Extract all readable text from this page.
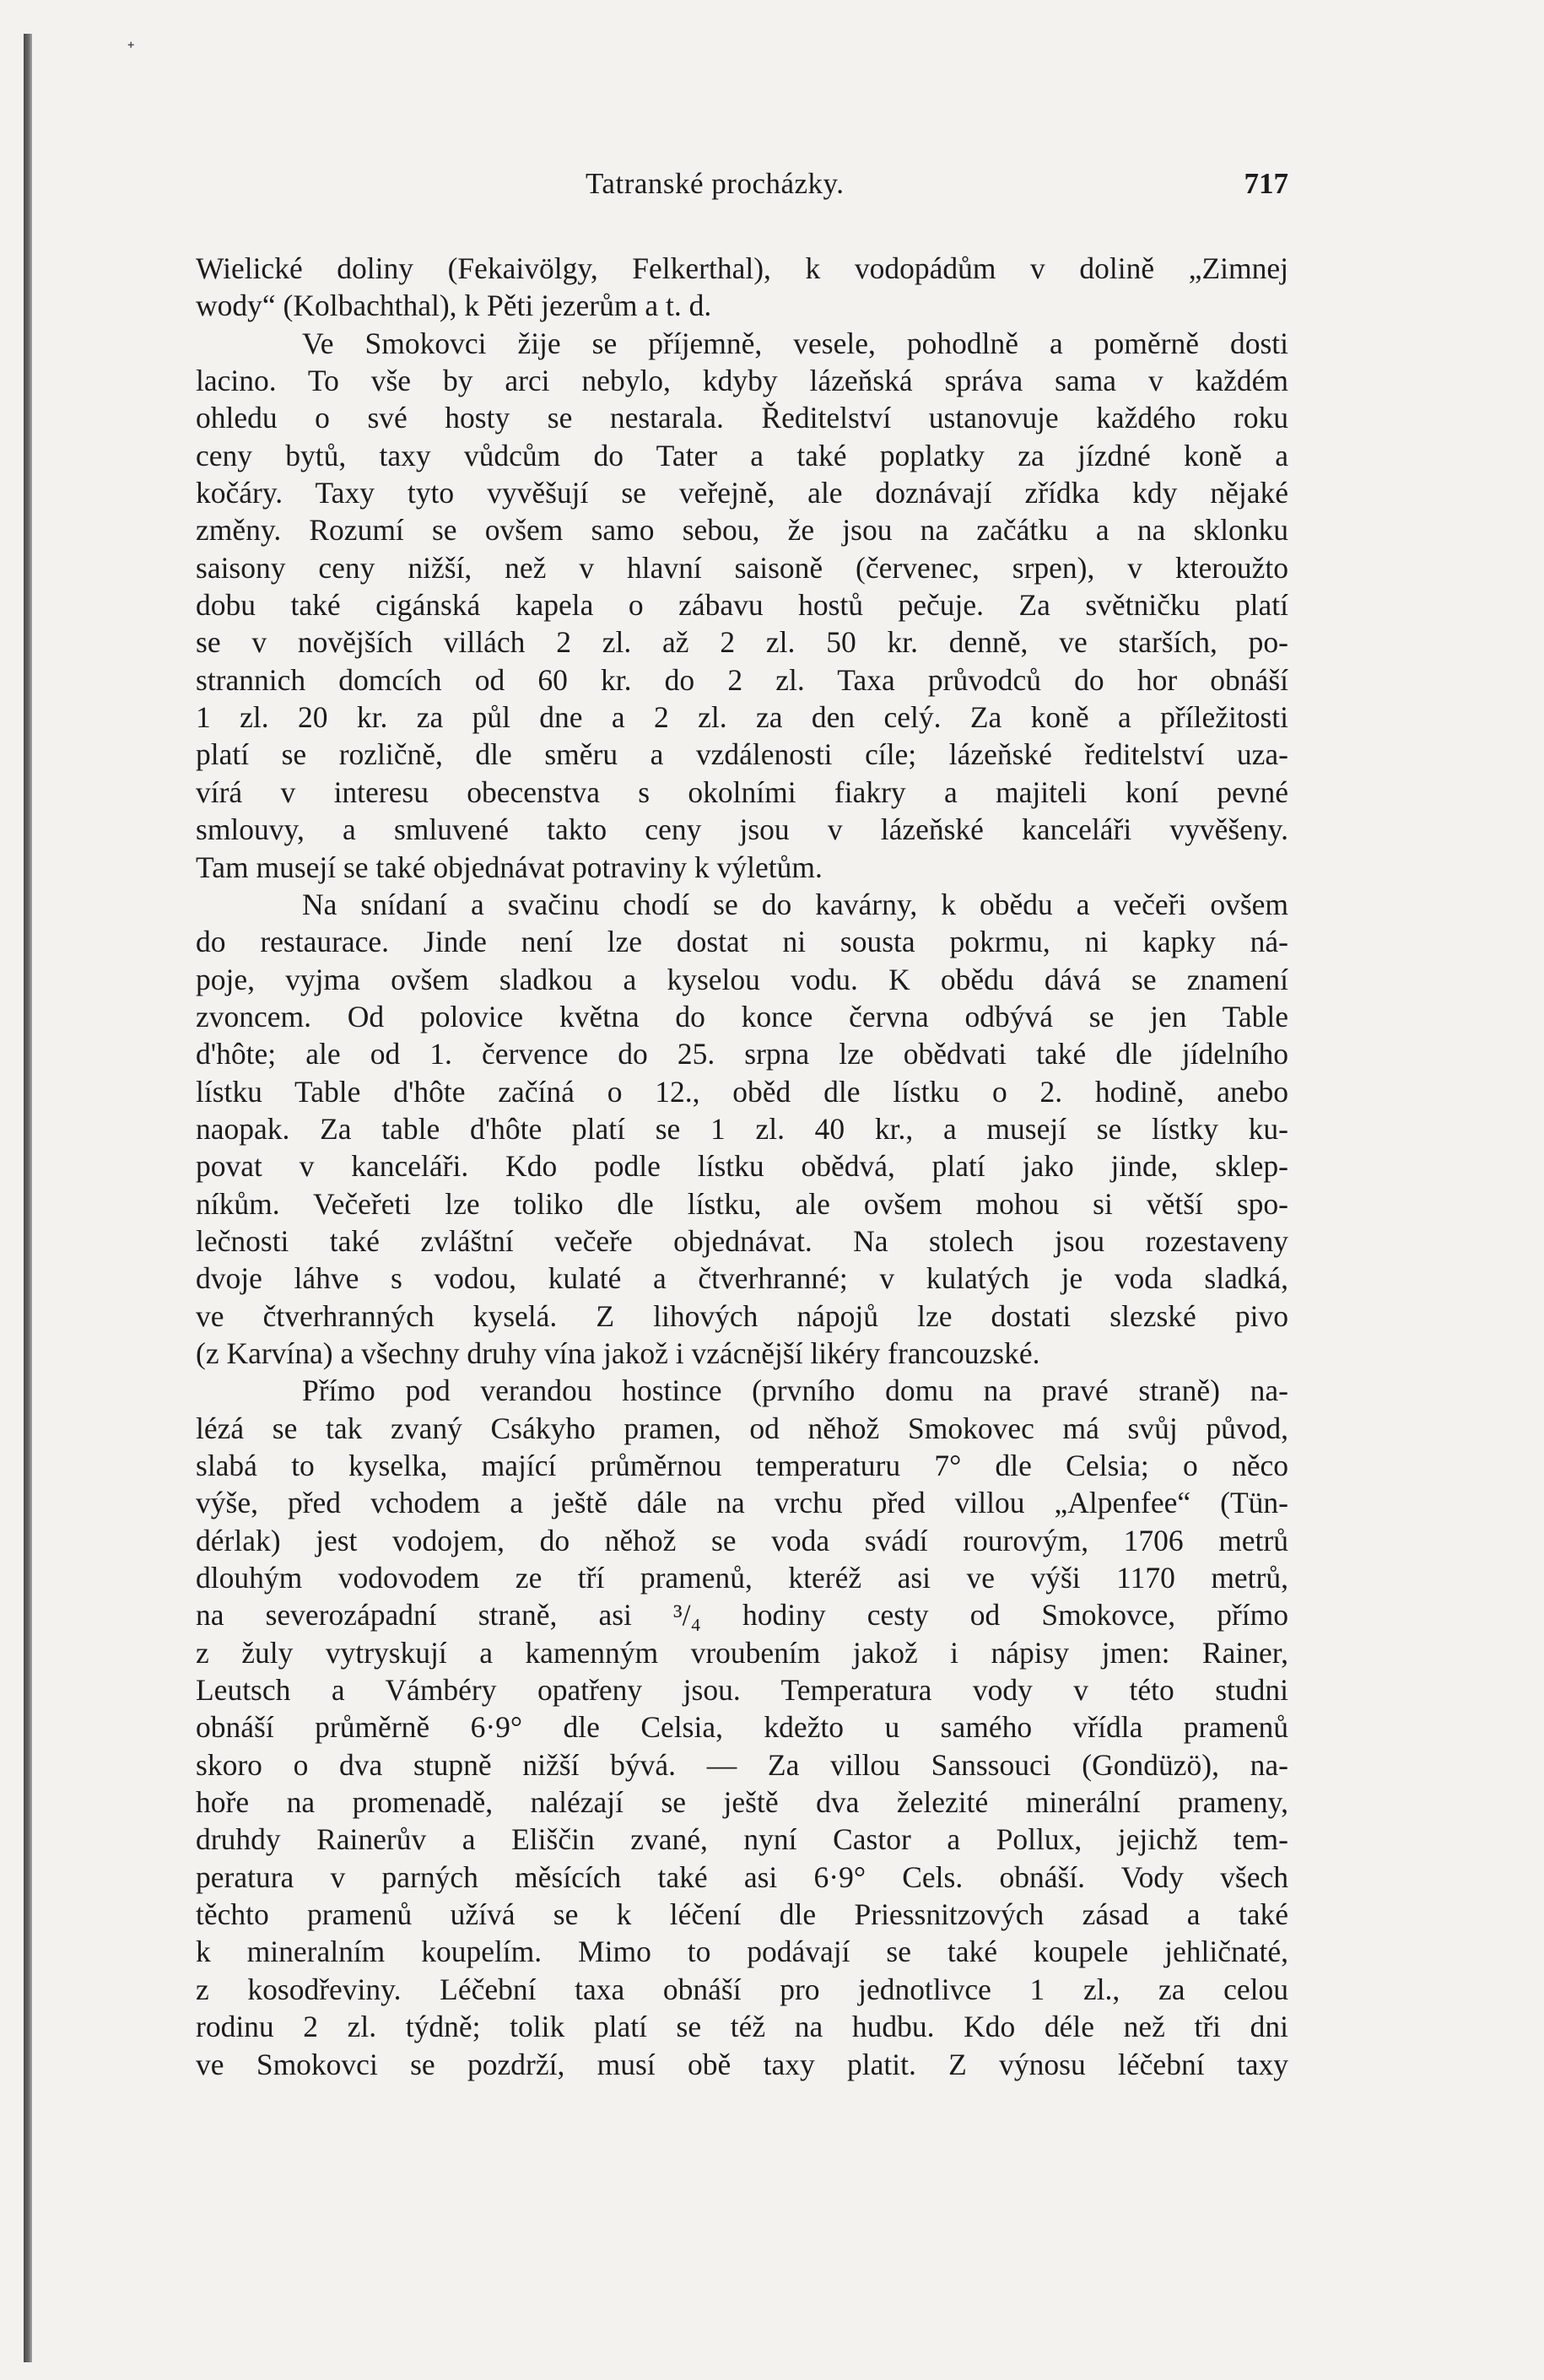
ᐩ
Tatranské procházky.	717

Wielické doliny (Fekaivölgy, Felkerthal), k vodopádům v dolině „Zimnej
wody“ (Kolbachthal), k Pěti jezerům a t. d.

Ve Smokovci žije se příjemně, vesele, pohodlně a poměrně dosti
lacino. To vše by arci nebylo, kdyby lázeňská správa sama v každém
ohledu o své hosty se nestarala. Ředitelství ustanovuje každého roku
ceny bytů, taxy vůdcům do Tater a také poplatky za jízdné koně a
kočáry. Taxy tyto vyvěšují se veřejně, ale doznávají zřídka kdy nějaké
změny. Rozumí se ovšem samo sebou, že jsou na začátku a na sklonku
saisony ceny nižší, než v hlavní saisoně (červenec, srpen), v kteroužto
dobu také cigánská kapela o zábavu hostů pečuje. Za světničku platí
se v novějších villách 2 zl. až 2 zl. 50 kr. denně, ve starších, po-
strannich domcích od 60 kr. do 2 zl. Taxa průvodců do hor obnáší
1 zl. 20 kr. za půl dne a 2 zl. za den celý. Za koně a příležitosti
platí se rozličně, dle směru a vzdálenosti cíle; lázeňské ředitelství uza-
vírá v interesu obecenstva s okolními fiakry a majiteli koní pevné
smlouvy, a smluvené takto ceny jsou v lázeňské kanceláři vyvěšeny.
Tam musejí se také objednávat potraviny k výletům.

Na snídaní a svačinu chodí se do kavárny, k obědu a večeři ovšem
do restaurace. Jinde není lze dostat ni sousta pokrmu, ni kapky ná-
poje, vyjma ovšem sladkou a kyselou vodu. K obědu dává se znamení
zvoncem. Od polovice května do konce června odbývá se jen Table
d'hôte; ale od 1. července do 25. srpna lze obědvati také dle jídelního
lístku Table d'hôte začíná o 12., oběd dle lístku o 2. hodině, anebo
naopak. Za table d'hôte platí se 1 zl. 40 kr., a musejí se lístky ku-
povat v kanceláři. Kdo podle lístku obědvá, platí jako jinde, sklep-
níkům. Večeřeti lze toliko dle lístku, ale ovšem mohou si větší spo-
lečnosti také zvláštní večeře objednávat. Na stolech jsou rozestaveny
dvoje láhve s vodou, kulaté a čtverhranné; v kulatých je voda sladká,
ve čtverhranných kyselá. Z lihových nápojů lze dostati slezské pivo
(z Karvína) a všechny druhy vína jakož i vzácnější likéry francouzské.

Přímo pod verandou hostince (prvního domu na pravé straně) na-
lézá se tak zvaný Csákyho pramen, od něhož Smokovec má svůj původ,
slabá to kyselka, mající průměrnou temperaturu 7° dle Celsia; o něco
výše, před vchodem a ještě dále na vrchu před villou „Alpenfee“ (Tün-
dérlak) jest vodojem, do něhož se voda svádí rourovým, 1706 metrů
dlouhým vodovodem ze tří pramenů, kteréž asi ve výši 1170 metrů,
na severozápadní straně, asi ³/₄ hodiny cesty od Smokovce, přímo
z žuly vytryskují a kamenným vroubením jakož i nápisy jmen: Rainer,
Leutsch a Vámbéry opatřeny jsou. Temperatura vody v této studni
obnáší průměrně 6·9° dle Celsia, kdežto u samého vřídla pramenů
skoro o dva stupně nižší bývá. — Za villou Sanssouci (Gondüzö), na-
hoře na promenadě, nalézají se ještě dva železité minerální prameny,
druhdy Rainerův a Eliščin zvané, nyní Castor a Pollux, jejichž tem-
peratura v parných měsících také asi 6·9° Cels. obnáší. Vody všech
těchto pramenů užívá se k léčení dle Priessnitzových zásad a také
k mineralním koupelím. Mimo to podávají se také koupele jehličnaté,
z kosodřeviny. Léčební taxa obnáší pro jednotlivce 1 zl., za celou
rodinu 2 zl. týdně; tolik platí se též na hudbu. Kdo déle než tři dni
ve Smokovci se pozdrží, musí obě taxy platit. Z výnosu léčební taxy
